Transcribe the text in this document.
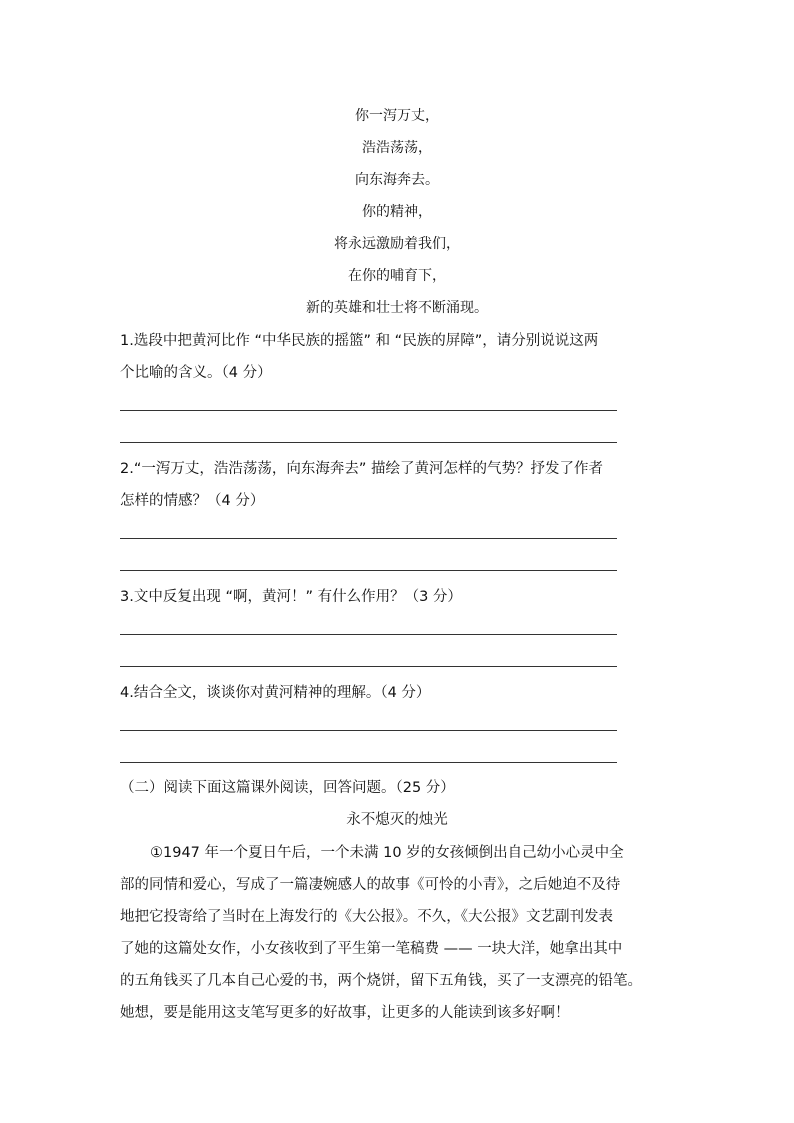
你一泻万丈，
浩浩荡荡，
向东海奔去。
你的精神，
将永远激励着我们，
在你的哺育下，
新的英雄和壮士将不断涌现。
1.选段中把黄河比作 “中华民族的摇篮” 和 “民族的屏障”，请分别说说这两
个比喻的含义。（4 分）
2.“一泻万丈，浩浩荡荡，向东海奔去” 描绘了黄河怎样的气势？抒发了作者
怎样的情感？（4 分）
3.文中反复出现 “啊，黄河！” 有什么作用？（3 分）
4.结合全文，谈谈你对黄河精神的理解。（4 分）
（二）阅读下面这篇课外阅读，回答问题。（25 分）
永不熄灭的烛光
①1947 年一个夏日午后，一个未满 10 岁的女孩倾倒出自己幼小心灵中全
部的同情和爱心，写成了一篇凄婉感人的故事《可怜的小青》，之后她迫不及待
地把它投寄给了当时在上海发行的《大公报》。不久，《大公报》文艺副刊发表
了她的这篇处女作，小女孩收到了平生第一笔稿费 —— 一块大洋，她拿出其中
的五角钱买了几本自己心爱的书，两个烧饼，留下五角钱，买了一支漂亮的铅笔。
她想，要是能用这支笔写更多的好故事，让更多的人能读到该多好啊！
